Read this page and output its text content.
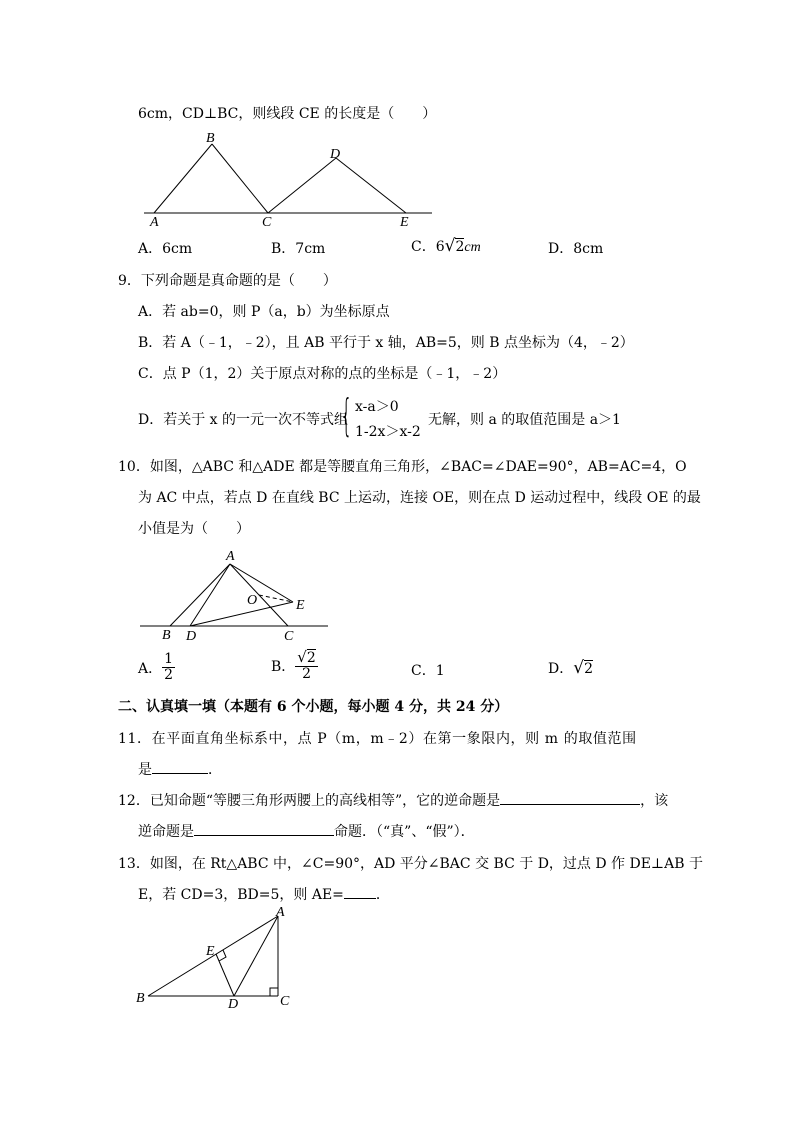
6cm，CD⊥BC，则线段 CE 的长度是（　　）
B
D
A	C	E
A．6cm	B．7cm	C．6√2cm	D．8cm
9．下列命题是真命题的是（　　）
A．若 ab=0，则 P（a，b）为坐标原点
B．若 A（﹣1，﹣2），且 AB 平行于 x 轴，AB=5，则 B 点坐标为（4，﹣2）
C．点 P（1，2）关于原点对称的点的坐标是（﹣1，﹣2）
D．若关于 x 的一元一次不等式组
{ x-a＞0
1-2x＞x-2
无解，则 a 的取值范围是 a＞1
10．如图，△ABC 和△ADE 都是等腰直角三角形，∠BAC=∠DAE=90°，AB=AC=4，O
为 AC 中点，若点 D 在直线 BC 上运动，连接 OE，则在点 D 运动过程中，线段 OE 的最
小值是为（　　）
A
O	E
B D	C
A． $\frac{1}{2}$	B． $\frac{√2}{2}$	C．1	D．√2
二、认真填一填（本题有 6 个小题，每小题 4 分，共 24 分）
11．在平面直角坐标系中，点 P（m，m﹣2）在第一象限内，则 m 的取值范围
是	．
12．已知命题“等腰三角形两腰上的高线相等”，它的逆命题是	，该
逆命题是	命题．（“真”、“假”）．
13．如图，在 Rt△ABC 中，∠C=90°，AD 平分∠BAC 交 BC 于 D，过点 D 作 DE⊥AB 于
E，若 CD=3，BD=5，则 AE= ．
A
E
B	D	C
